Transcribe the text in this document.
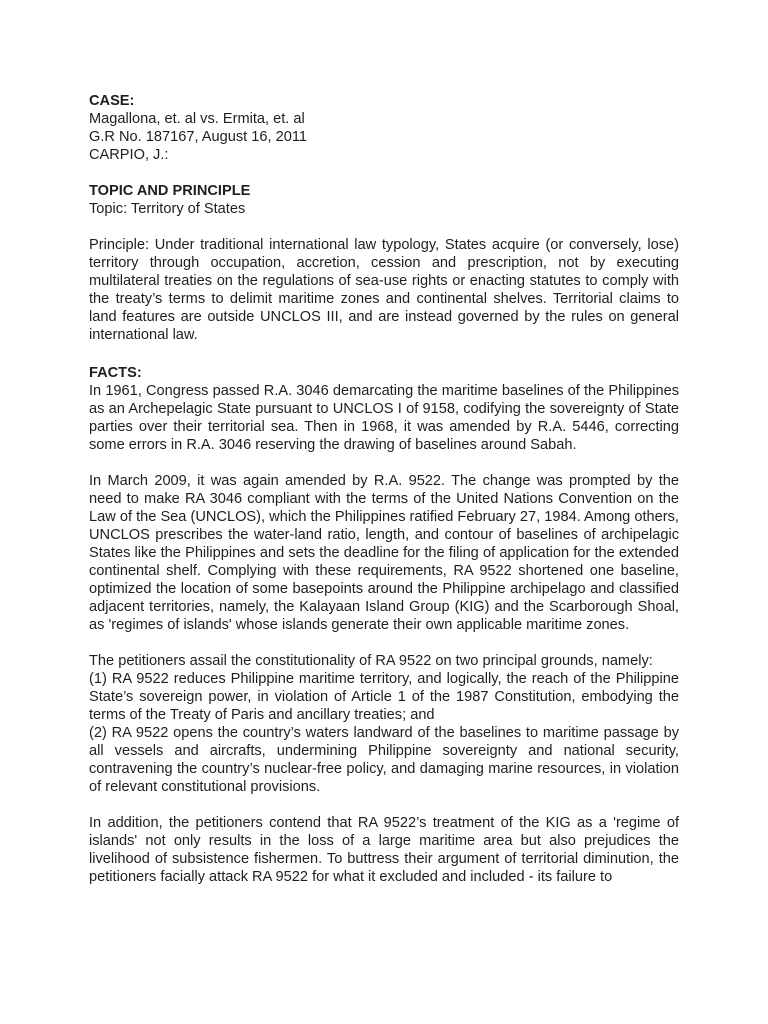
CASE:

Magallona, et. al vs. Ermita, et. al

G.R No. 187167, August 16, 2011

CARPIO, J.:

TOPIC AND PRINCIPLE

Topic: Territory of States

Principle: Under traditional international law typology, States acquire (or conversely, lose) territory through occupation, accretion, cession and prescription, not by executing multilateral treaties on the regulations of sea-use rights or enacting statutes to comply with the treaty’s terms to delimit maritime zones and continental shelves. Territorial claims to land features are outside UNCLOS III, and are instead governed by the rules on general international law.

FACTS:

In 1961, Congress passed R.A. 3046 demarcating the maritime baselines of the Philippines as an Archepelagic State pursuant to UNCLOS I of 9158, codifying the sovereignty of State parties over their territorial sea. Then in 1968, it was amended by R.A. 5446, correcting some errors in R.A. 3046 reserving the drawing of baselines around Sabah.

In March 2009, it was again amended by R.A. 9522. The change was prompted by the need to make RA 3046 compliant with the terms of the United Nations Convention on the Law of the Sea (UNCLOS), which the Philippines ratified February 27, 1984. Among others, UNCLOS prescribes the water-land ratio, length, and contour of baselines of archipelagic States like the Philippines and sets the deadline for the filing of application for the extended continental shelf. Complying with these requirements, RA 9522 shortened one baseline, optimized the location of some basepoints around the Philippine archipelago and classified adjacent territories, namely, the Kalayaan Island Group (KIG) and the Scarborough Shoal, as 'regimes of islands' whose islands generate their own applicable maritime zones.

The petitioners assail the constitutionality of RA 9522 on two principal grounds, namely:

(1) RA 9522 reduces Philippine maritime territory, and logically, the reach of the Philippine State’s sovereign power, in violation of Article 1 of the 1987 Constitution, embodying the terms of the Treaty of Paris and ancillary treaties; and

(2) RA 9522 opens the country’s waters landward of the baselines to maritime passage by all vessels and aircrafts, undermining Philippine sovereignty and national security, contravening the country’s nuclear-free policy, and damaging marine resources, in violation of relevant constitutional provisions.

In addition, the petitioners contend that RA 9522’s treatment of the KIG as a 'regime of islands' not only results in the loss of a large maritime area but also prejudices the livelihood of subsistence fishermen. To buttress their argument of territorial diminution, the petitioners facially attack RA 9522 for what it excluded and included - its failure to
